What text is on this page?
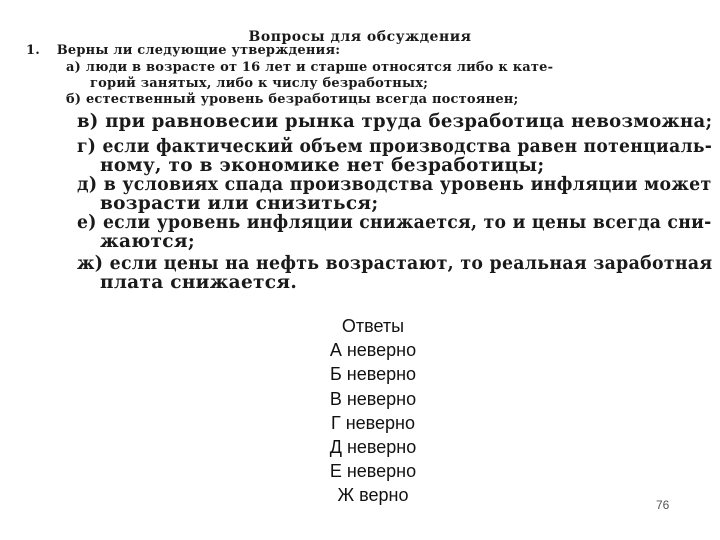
Вопросы для обсуждения
1. Верны ли следующие утверждения:
а) люди в возрасте от 16 лет и старше относятся либо к кате-
горий занятых, либо к числу безработных;
б) естественный уровень безработицы всегда постоянен;
в) при равновесии рынка труда безработица невозможна;
г) если фактический объем производства равен потенциаль-
ному, то в экономике нет безработицы;
д) в условиях спада производства уровень инфляции может
возрасти или снизиться;
е) если уровень инфляции снижается, то и цены всегда сни-
жаются;
ж) если цены на нефть возрастают, то реальная заработная
плата снижается.
Ответы
А неверно
Б неверно
В неверно
Г неверно
Д неверно
Е неверно
Ж верно	76
